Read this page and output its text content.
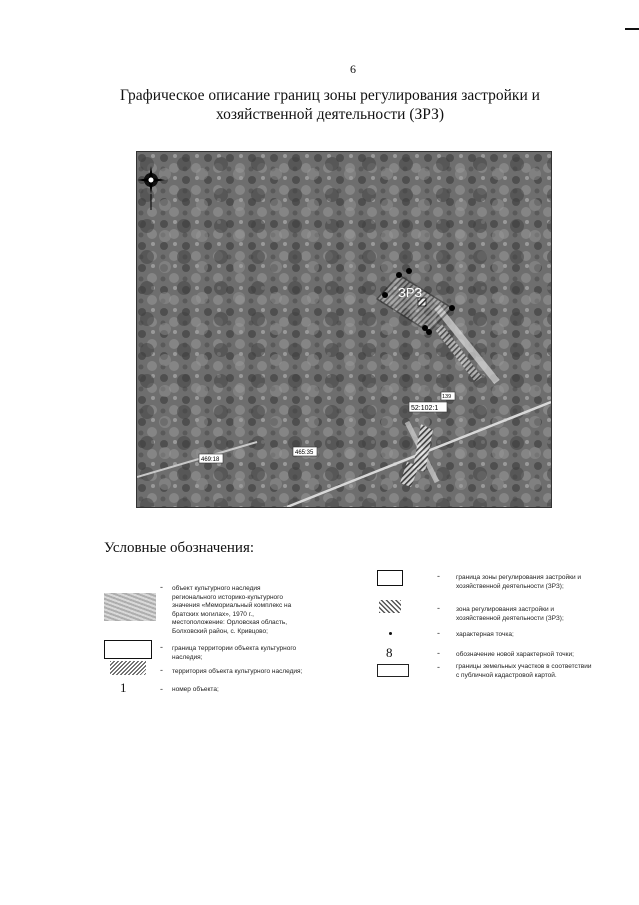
6
Графическое описание границ зоны регулирования застройки и
хозяйственной деятельности (ЗРЗ)
ЗРЗ
52:102:1
465:35
469:18
139
Условные обозначения:
- объект культурного наследия
регионального историко-культурного
значения «Мемориальный комплекс на
братских могилах», 1970 г.,
местоположение: Орловская область,
Болховский район, с. Кривцово;
- граница территории объекта культурного
наследия;
- территория объекта культурного наследия;
1	- номер объекта;
- граница зоны регулирования застройки и
хозяйственной деятельности (ЗРЗ);
- зона регулирования застройки и
хозяйственной деятельности (ЗРЗ);
- характерная точка;
8	- обозначение новой характерной точки;
- границы земельных участков в соответствии
с публичной кадастровой картой.
